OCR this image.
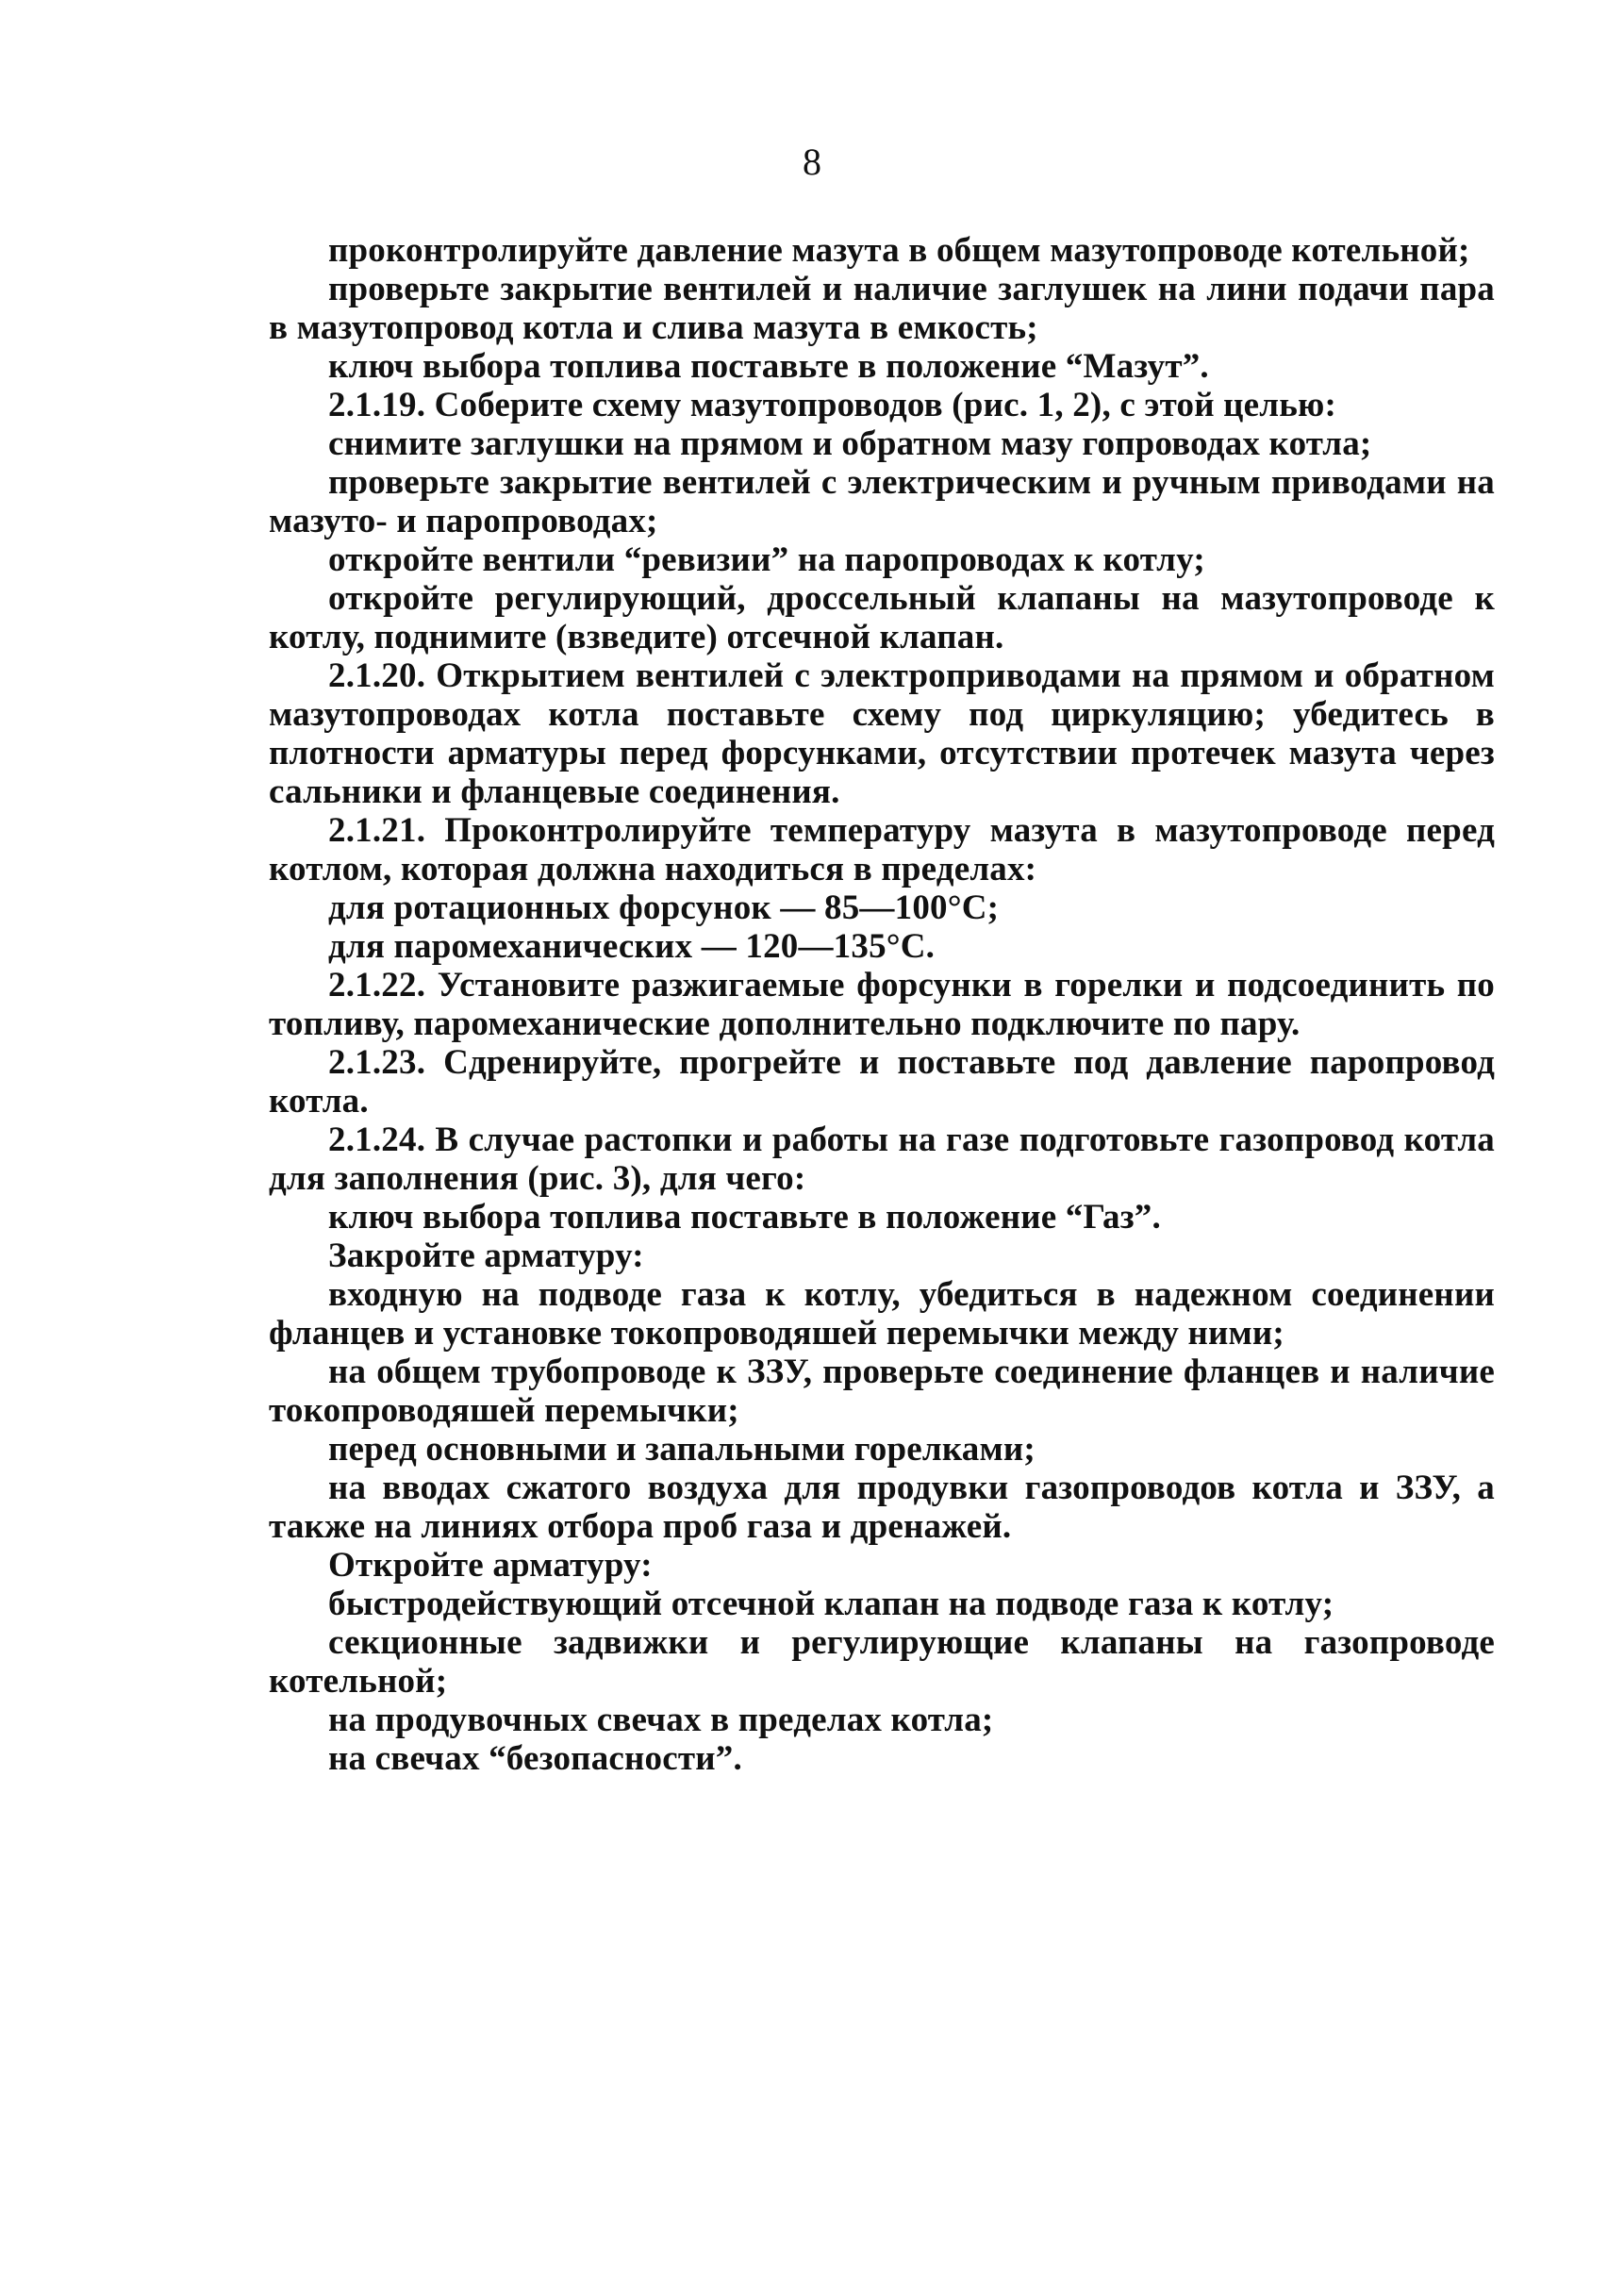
8

проконтролируйте давление мазута в общем мазутопроводе котельной;

проверьте закрытие вентилей и наличие заглушек на лини подачи пара в мазутопровод котла и слива мазута в емкость;

ключ выбора топлива поставьте в положение “Мазут”.

2.1.19. Соберите схему мазутопроводов (рис. 1, 2), с этой целью:

снимите заглушки на прямом и обратном мазу гопроводах котла;

проверьте закрытие вентилей с электрическим и ручным приводами на мазуто- и паропроводах;

откройте вентили “ревизии” на паропроводах к котлу;

откройте регулирующий, дроссельный клапаны на мазутопроводе к котлу, поднимите (взведите) отсечной клапан.

2.1.20. Открытием вентилей с электроприводами на прямом и обратном мазутопроводах котла поставьте схему под циркуляцию; убедитесь в плотности арматуры перед форсунками, отсутствии протечек мазута через сальники и фланцевые соединения.

2.1.21. Проконтролируйте температуру мазута в мазутопроводе перед котлом, которая должна находиться в пределах:

для ротационных форсунок — 85—100°С;

для паромеханических — 120—135°С.

2.1.22. Установите разжигаемые форсунки в горелки и подсоединить по топливу, паромеханические дополнительно подключите по пару.

2.1.23. Сдренируйте, прогрейте и поставьте под давление паропровод котла.

2.1.24. В случае растопки и работы на газе подготовьте газопровод котла для заполнения (рис. 3), для чего:

ключ выбора топлива поставьте в положение “Газ”.

Закройте арматуру:

входную на подводе газа к котлу, убедиться в надежном соединении фланцев и установке токопроводяшей перемычки между ними;

на общем трубопроводе к ЗЗУ, проверьте соединение фланцев и наличие токопроводяшей перемычки;

перед основными и запальными горелками;

на вводах сжатого воздуха для продувки газопроводов котла и ЗЗУ, а также на линиях отбора проб газа и дренажей.

Откройте арматуру:

быстродействующий отсечной клапан на подводе газа к котлу;

секционные задвижки и регулирующие клапаны на газопроводе котельной;

на продувочных свечах в пределах котла;

на свечах “безопасности”.
